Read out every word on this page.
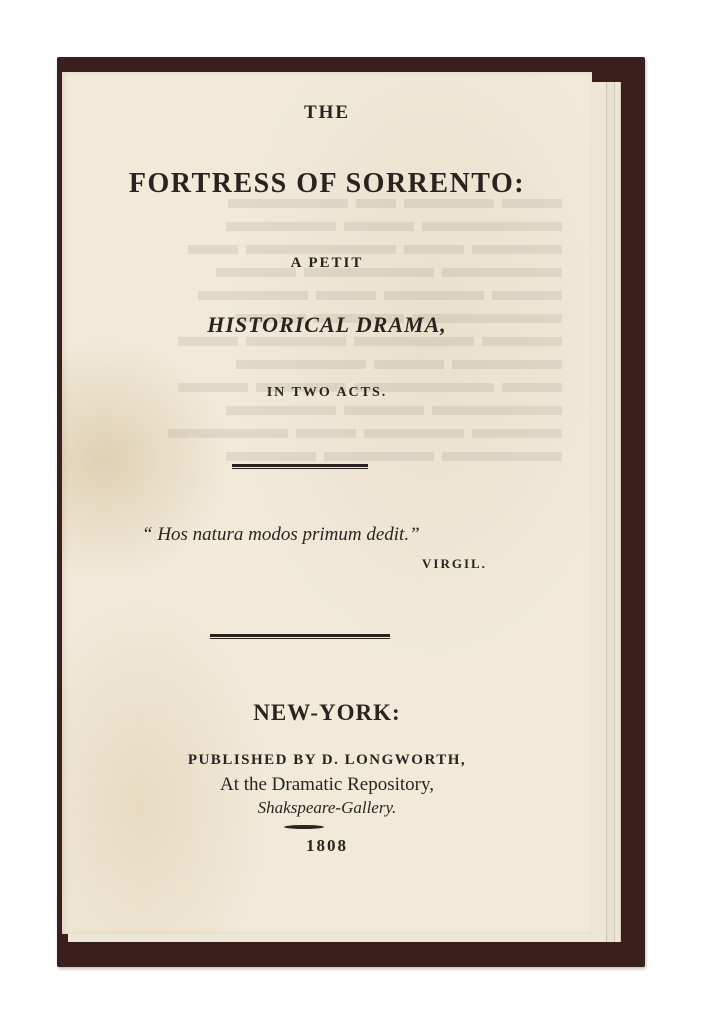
THE
FORTRESS OF SORRENTO:
A PETIT
HISTORICAL DRAMA,
IN TWO ACTS.
“ Hos natura modos primum dedit.”
VIRGIL.
NEW-YORK:
PUBLISHED BY D. LONGWORTH,
At the Dramatic Repository,
Shakspeare-Gallery.
1808
